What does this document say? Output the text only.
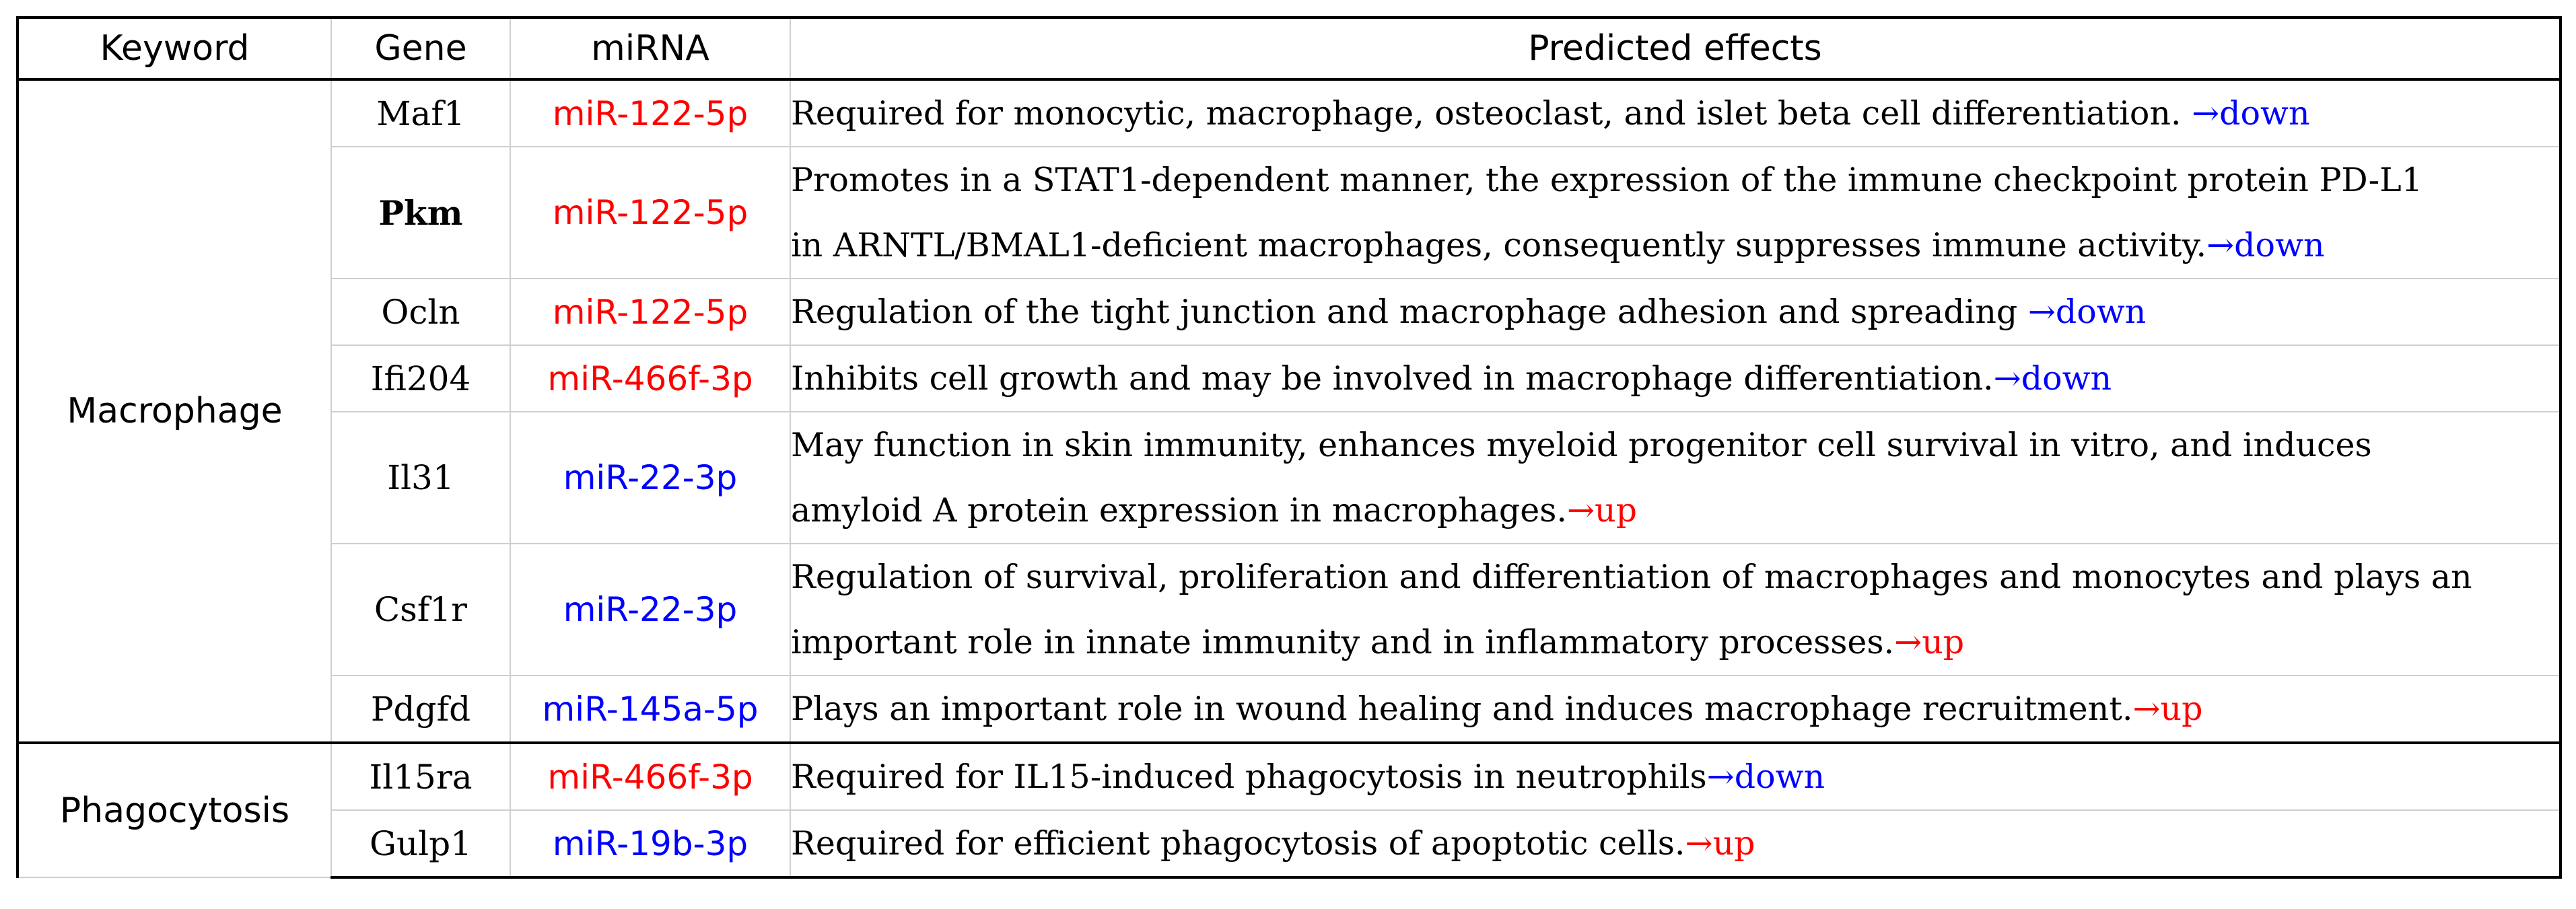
Keyword	Gene	miRNA	Predicted effects
Macrophage	Maf1	miR-122-5p	Required for monocytic, macrophage, osteoclast, and islet beta cell differentiation. →down
	Pkm	miR-122-5p	Promotes in a STAT1-dependent manner, the expression of the immune checkpoint protein PD-L1
in ARNTL/BMAL1-deficient macrophages, consequently suppresses immune activity.→down
	Ocln	miR-122-5p	Regulation of the tight junction and macrophage adhesion and spreading →down
	Ifi204	miR-466f-3p	Inhibits cell growth and may be involved in macrophage differentiation.→down
	Il31	miR-22-3p	May function in skin immunity, enhances myeloid progenitor cell survival in vitro, and induces
amyloid A protein expression in macrophages.→up
	Csf1r	miR-22-3p	Regulation of survival, proliferation and differentiation of macrophages and monocytes and plays an
important role in innate immunity and in inflammatory processes.→up
	Pdgfd	miR-145a-5p	Plays an important role in wound healing and induces macrophage recruitment.→up
Phagocytosis	Il15ra	miR-466f-3p	Required for IL15-induced phagocytosis in neutrophils→down
	Gulp1	miR-19b-3p	Required for efficient phagocytosis of apoptotic cells.→up
